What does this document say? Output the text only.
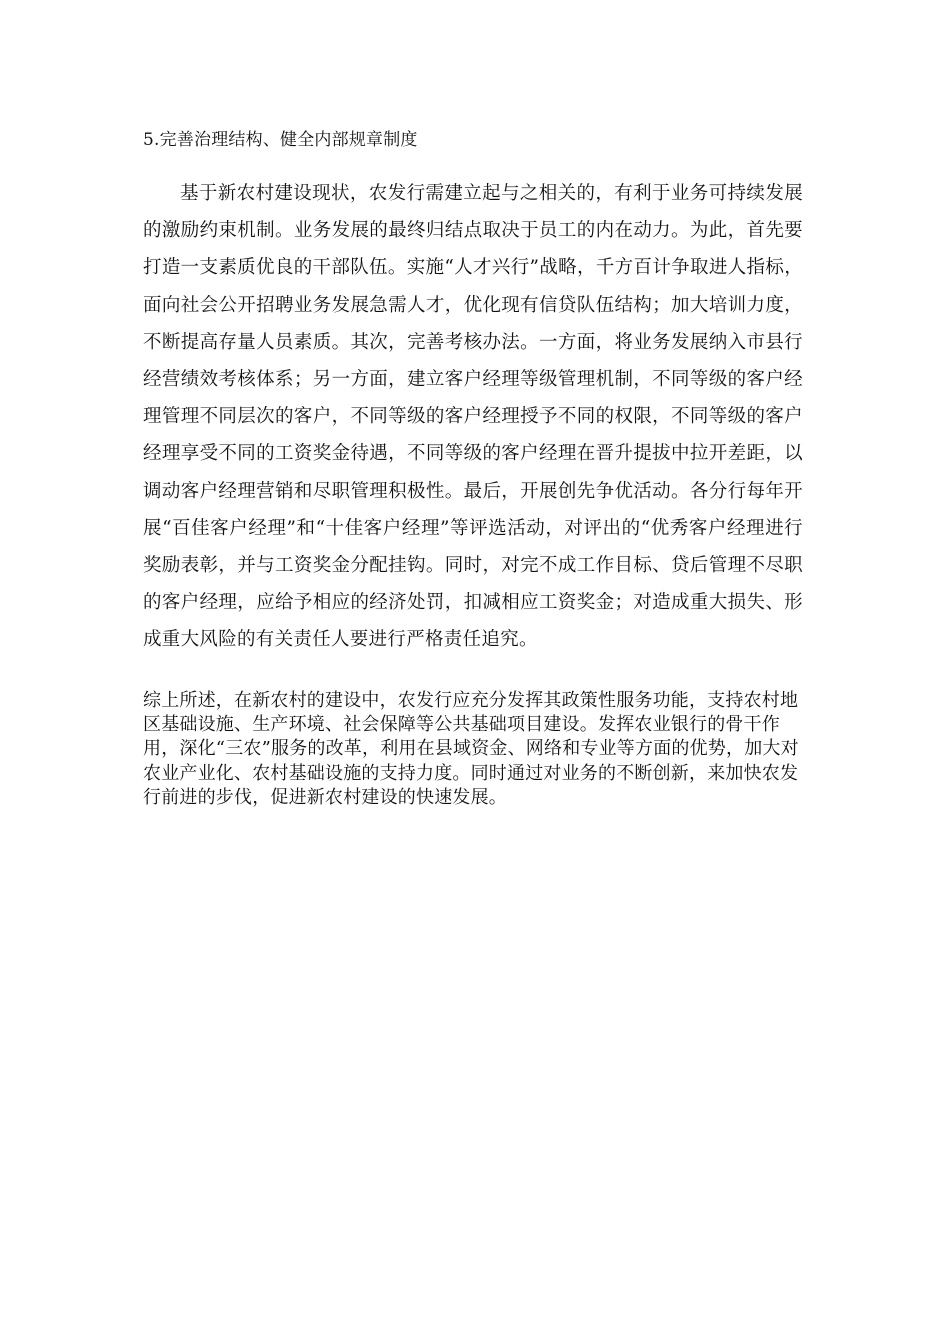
5.完善治理结构、健全内部规章制度

基于新农村建设现状，农发行需建立起与之相关的，有利于业务可持续发展的激励约束机制。业务发展的最终归结点取决于员工的内在动力。为此，首先要打造一支素质优良的干部队伍。实施“人才兴行”战略，千方百计争取进人指标，面向社会公开招聘业务发展急需人才，优化现有信贷队伍结构；加大培训力度，不断提高存量人员素质。其次，完善考核办法。一方面，将业务发展纳入市县行经营绩效考核体系；另一方面，建立客户经理等级管理机制，不同等级的客户经理管理不同层次的客户，不同等级的客户经理授予不同的权限，不同等级的客户经理享受不同的工资奖金待遇，不同等级的客户经理在晋升提拔中拉开差距，以调动客户经理营销和尽职管理积极性。最后，开展创先争优活动。各分行每年开展“百佳客户经理”和“十佳客户经理”等评选活动，对评出的“优秀客户经理进行奖励表彰，并与工资奖金分配挂钩。同时，对完不成工作目标、贷后管理不尽职的客户经理，应给予相应的经济处罚，扣减相应工资奖金；对造成重大损失、形成重大风险的有关责任人要进行严格责任追究。

综上所述，在新农村的建设中，农发行应充分发挥其政策性服务功能，支持农村地区基础设施、生产环境、社会保障等公共基础项目建设。发挥农业银行的骨干作用，深化“三农”服务的改革，利用在县域资金、网络和专业等方面的优势，加大对农业产业化、农村基础设施的支持力度。同时通过对业务的不断创新，来加快农发行前进的步伐，促进新农村建设的快速发展。
